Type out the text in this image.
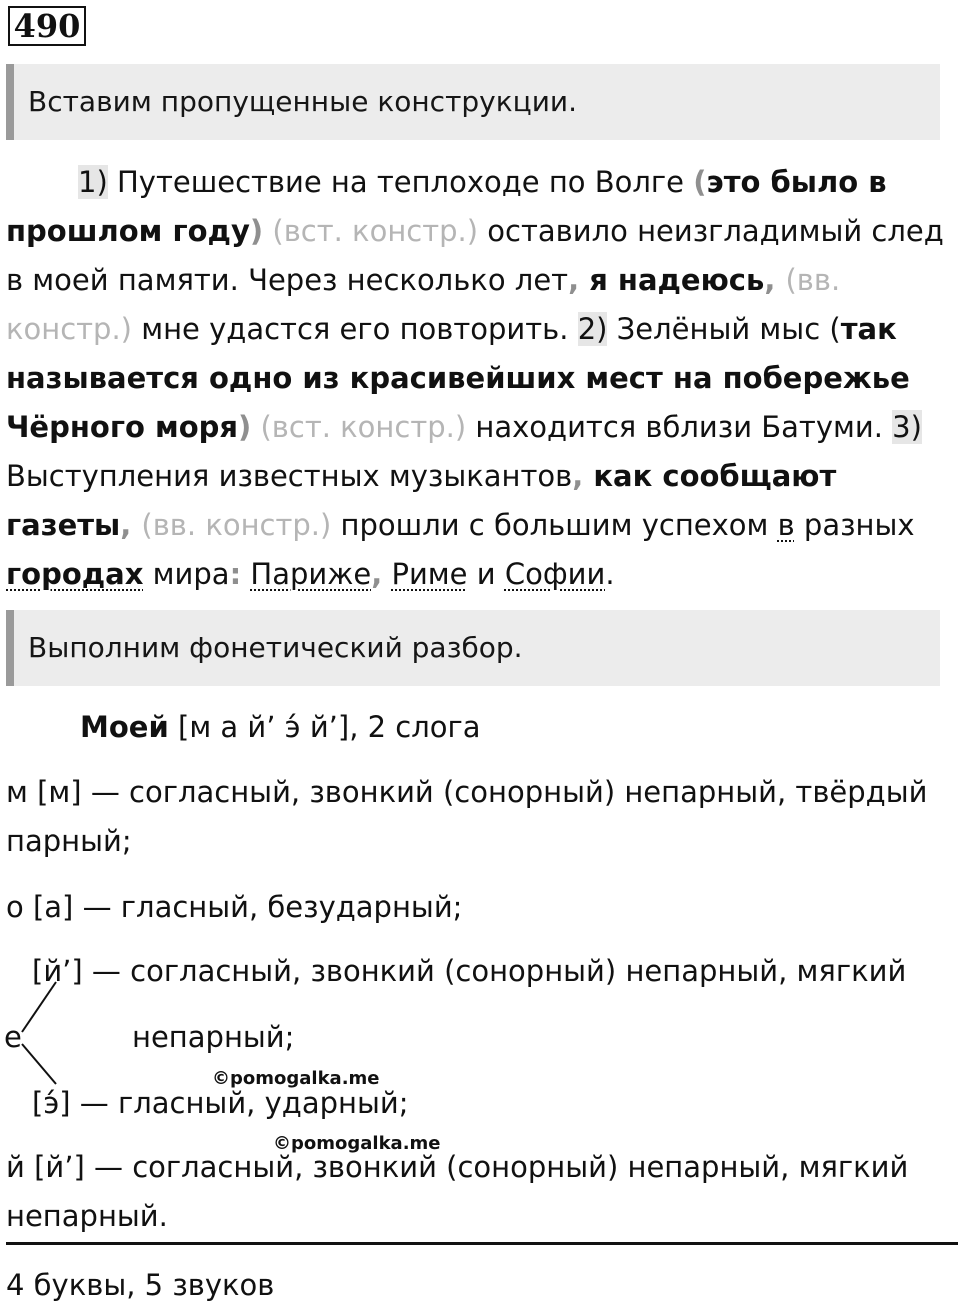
490
Вставим пропущенные конструкции.

1) Путешествие на теплоходе по Волге (это было в прошлом году) (вст. констр.) оставило неизгладимый след в моей памяти. Через несколько лет, я надеюсь, (вв. констр.) мне удастся его повторить. 2) Зелёный мыс (так называется одно из красивейших мест на побережье Чёрного моря) (вст. констр.) находится вблизи Батуми. 3) Выступления известных музыкантов, как сообщают газеты, (вв. констр.) прошли с большим успехом в разных городах мира: Париже, Риме и Софии.

Выполним фонетический разбор.
Моей [м а й’ э́ й’], 2 слога
м [м] — согласный, звонкий (сонорный) непарный, твёрдый
парный;
о [а] — гласный, безударный;
[й’] — согласный, звонкий (сонорный) непарный, мягкий
е	непарный;
©pomogalka.me
[э́] — гласный, ударный;
©pomogalka.me
й [й’] — согласный, звонкий (сонорный) непарный, мягкий
непарный.
4 буквы, 5 звуков
